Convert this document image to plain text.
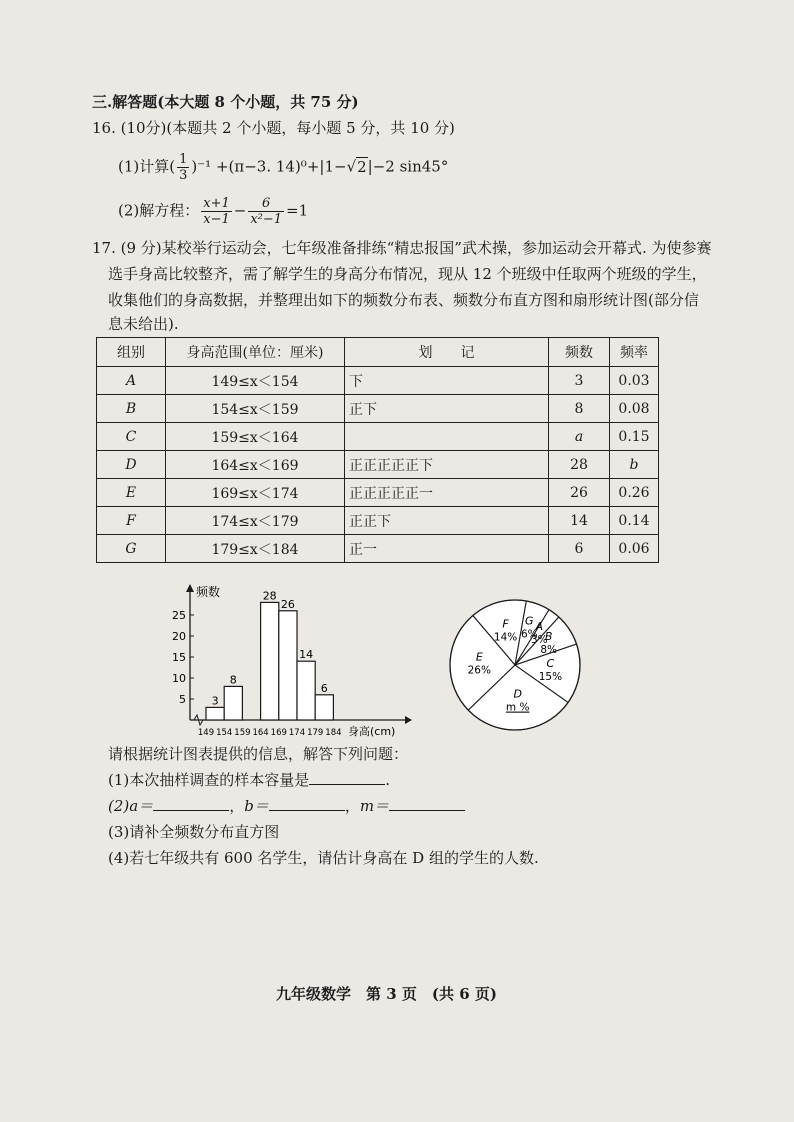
三.解答题(本大题 8 个小题，共 75 分)
16. (10分)(本题共 2 个小题，每小题 5 分，共 10 分)
(1)计算( $\frac{1}{3} )^{-1} +(\pi-3$. 14)⁰+|1−√2|−2 sin45°
(2)解方程： $\frac{x+1}{x-1} - \frac{6}{\text{x²−1}} =1$
17. (9 分)某校举行运动会，七年级准备排练“精忠报国”武术操，参加运动会开幕式. 为使参赛
选手身高比较整齐，需了解学生的身高分布情况，现从 12 个班级中任取两个班级的学生，
收集他们的身高数据，并整理出如下的频数分布表、频数分布直方图和扇形统计图(部分信
息未给出).
组别	身高范围(单位：厘米)	划　　记	频数	频率
A	149≤x＜154	下	3	0.03
B	154≤x＜159	正下	8	0.08
C	159≤x＜164		a	0.15
D	164≤x＜169	正正正正正下	28	b
E	169≤x＜174	正正正正正一	26	0.26
F	174≤x＜179	正正下	14	0.14
G	179≤x＜184	正一	6	0.06
频数
身高(cm)
5
10
15
20
25
149 154 159 164 169 174 179 184
3
8
28
26
14
6
G
6%
A
3%
B
8%
C
15%
D
m %
E
26%
F
14%
请根据统计图表提供的信息，解答下列问题：
(1)本次抽样调查的样本容量是	.
(2)a＝	，b＝	，m＝
(3)请补全频数分布直方图
(4)若七年级共有 600 名学生，请估计身高在 D 组的学生的人数.
九年级数学　第 3 页　(共 6 页)
